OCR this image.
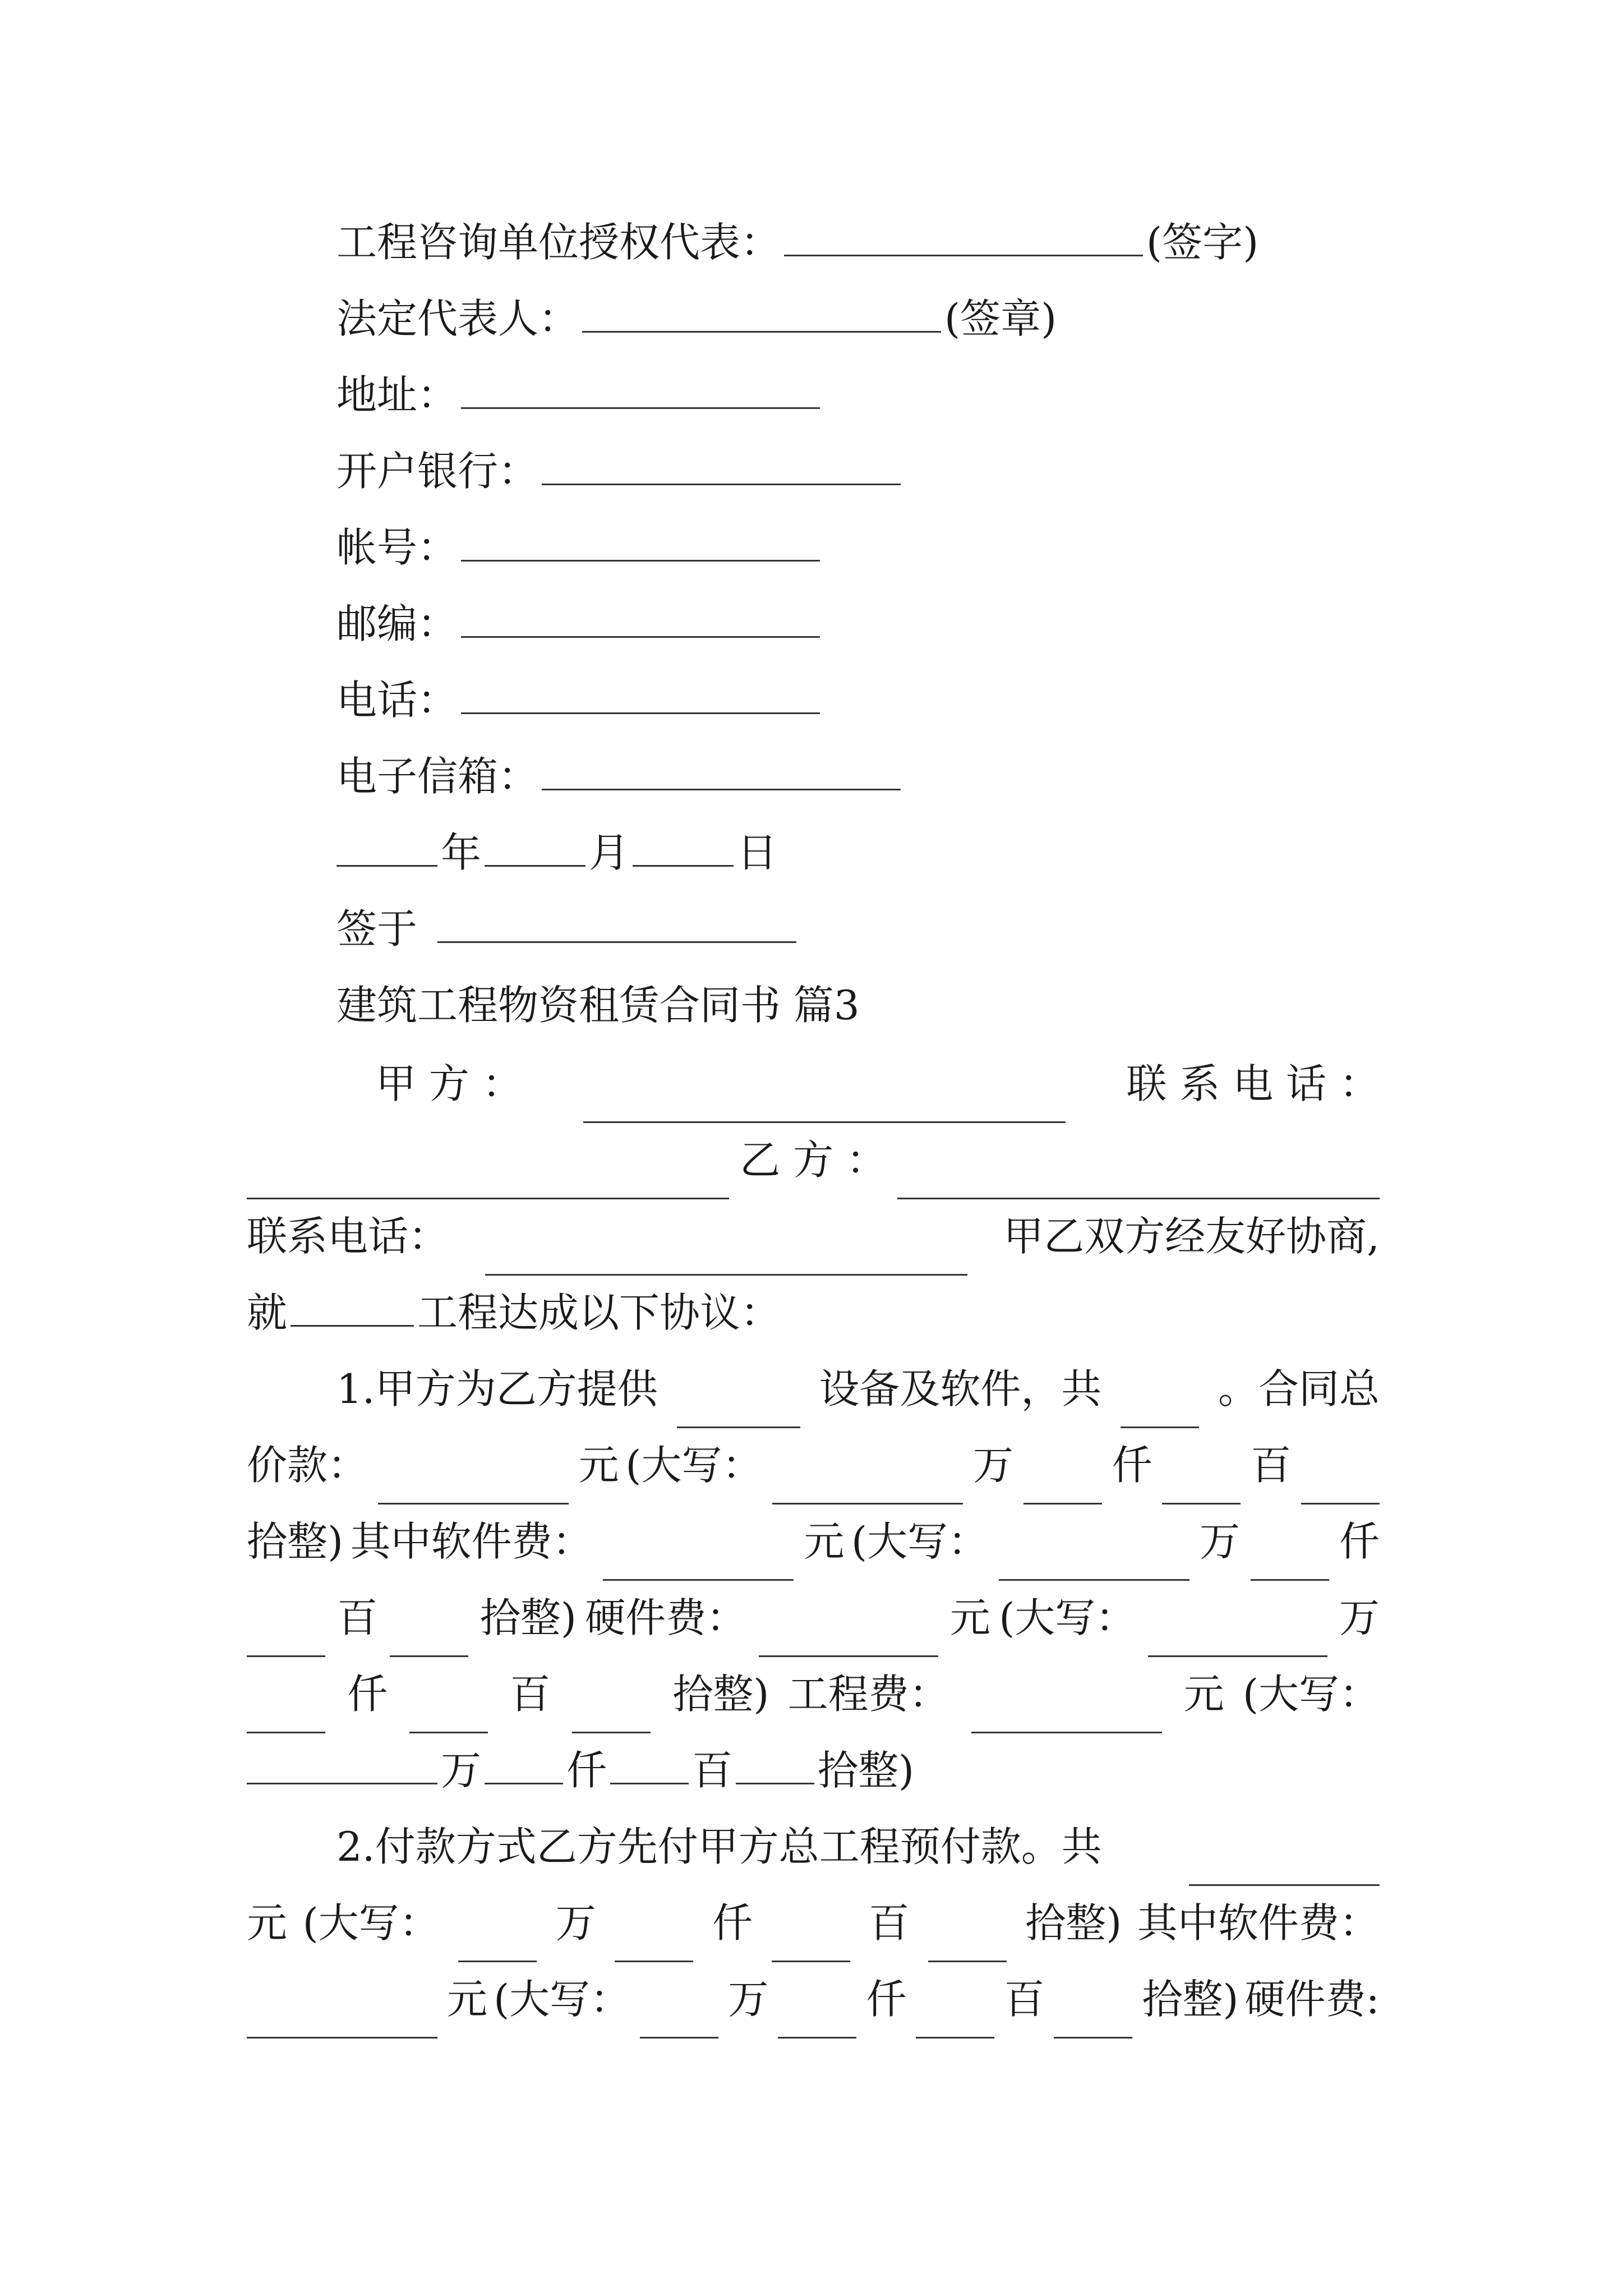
工程咨询单位授权代表：	(签字)
法定代表人：	(签章)
地址：
开户银行：
帐号：
邮编：
电话：
电子信箱：
年	月	日
签于
建筑工程物资租赁合同书 篇3
甲 方 ：	联 系 电 话 ：
乙 方 ：
联系电话：	甲乙双方经友好协商,
就	工程达成以下协议：
1.甲方为乙方提供	设备及软件，共	。合同总
价款：	元 (大写：	万 仟 百
拾整) 其中软件费：	元 (大写：	万 仟
百	拾整) 硬件费：	元 (大写：	万
仟	百	拾整) 工程费：	元 (大写：
万 仟 百 拾整)
2.付款方式乙方先付甲方总工程预付款。共
元 (大写：	万	仟	百	拾整) 其中软件费：
元 (大写： 万 仟 百 拾整) 硬件费:
